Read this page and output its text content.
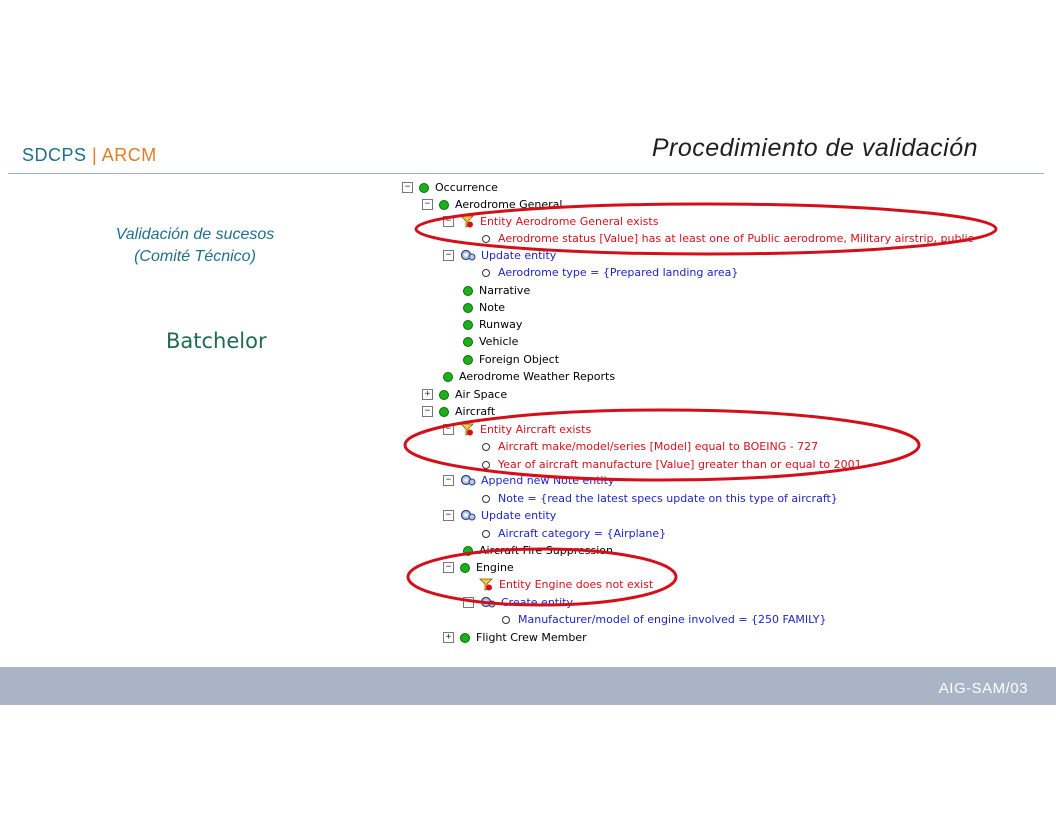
SDCPS | ARCM	Procedimiento de validación
Validación de sucesos
(Comité Técnico)
Batchelor
− Occurrence
− Aerodrome General
−	Entity Aerodrome General exists
Aerodrome status [Value] has at least one of Public aerodrome, Military airstrip, public
−	Update entity
Aerodrome type = {Prepared landing area}
Narrative
Note
Runway
Vehicle
Foreign Object
Aerodrome Weather Reports
+ Air Space
− Aircraft
−	Entity Aircraft exists
Aircraft make/model/series [Model] equal to BOEING - 727
Year of aircraft manufacture [Value] greater than or equal to 2001
−	Append new Note entity
Note = {read the latest specs update on this type of aircraft}
−	Update entity
Aircraft category = {Airplane}
Aircraft Fire Suppression
− Engine
Entity Engine does not exist
−	Create entity
Manufacturer/model of engine involved = {250 FAMILY}
+ Flight Crew Member
AIG-SAM/03
